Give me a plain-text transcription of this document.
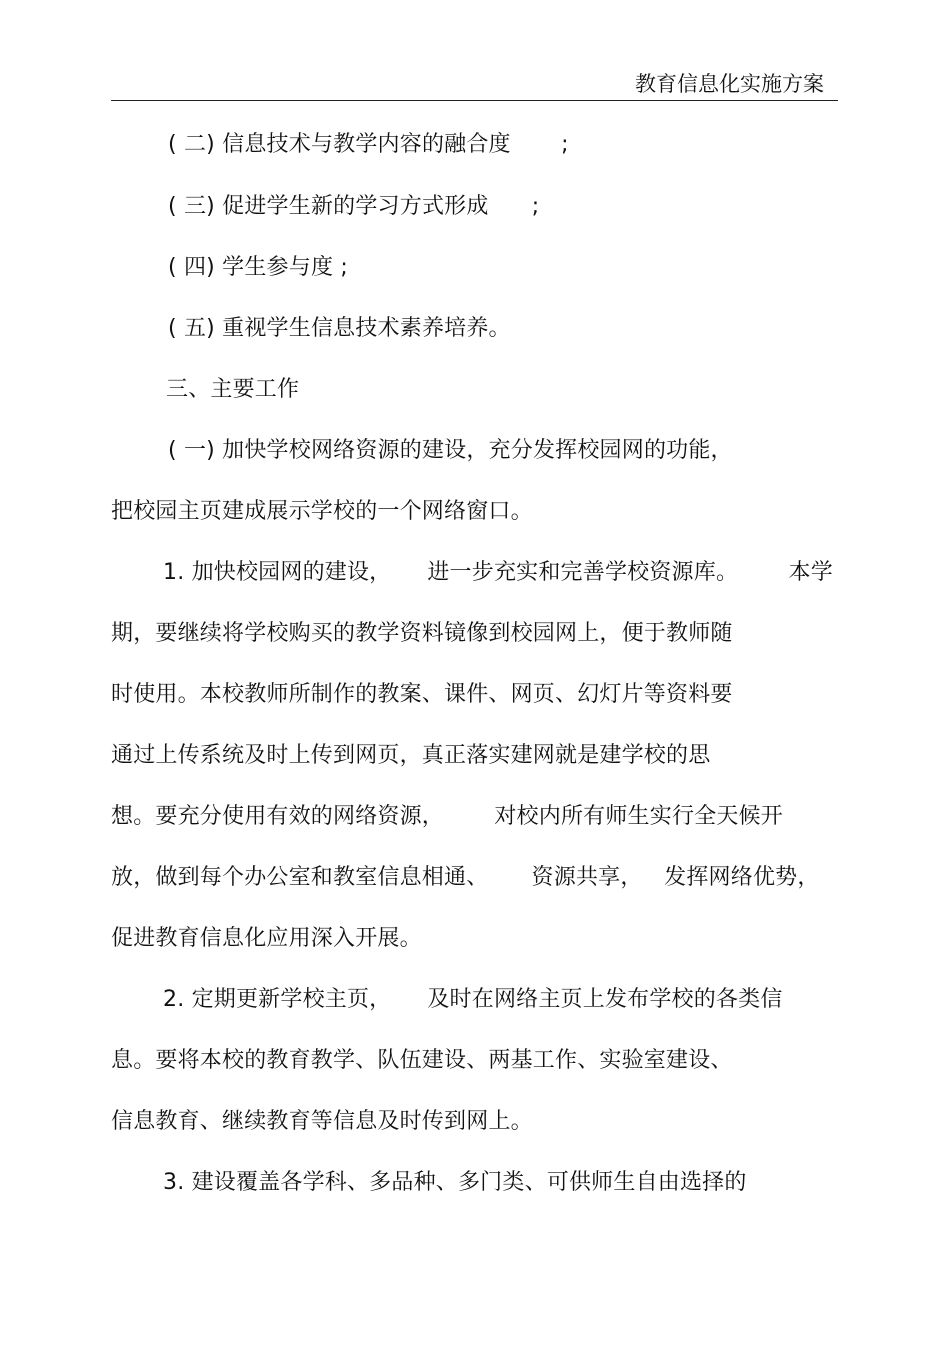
教育信息化实施方案
( 二) 信息技术与教学内容的融合度       ;
( 三) 促进学生新的学习方式形成      ;
( 四) 学生参与度 ;
( 五) 重视学生信息技术素养培养。
三、主要工作
( 一) 加快学校网络资源的建设，充分发挥校园网的功能，
把校园主页建成展示学校的一个网络窗口。
1. 加快校园网的建设，     进一步充实和完善学校资源库。       本学
期，要继续将学校购买的教学资料镜像到校园网上，便于教师随
时使用。本校教师所制作的教案、课件、网页、幻灯片等资料要
通过上传系统及时上传到网页，真正落实建网就是建学校的思
想。要充分使用有效的网络资源，       对校内所有师生实行全天候开
放，做到每个办公室和教室信息相通、      资源共享，   发挥网络优势，
促进教育信息化应用深入开展。
2. 定期更新学校主页，     及时在网络主页上发布学校的各类信
息。要将本校的教育教学、队伍建设、两基工作、实验室建设、
信息教育、继续教育等信息及时传到网上。
3. 建设覆盖各学科、多品种、多门类、可供师生自由选择的
